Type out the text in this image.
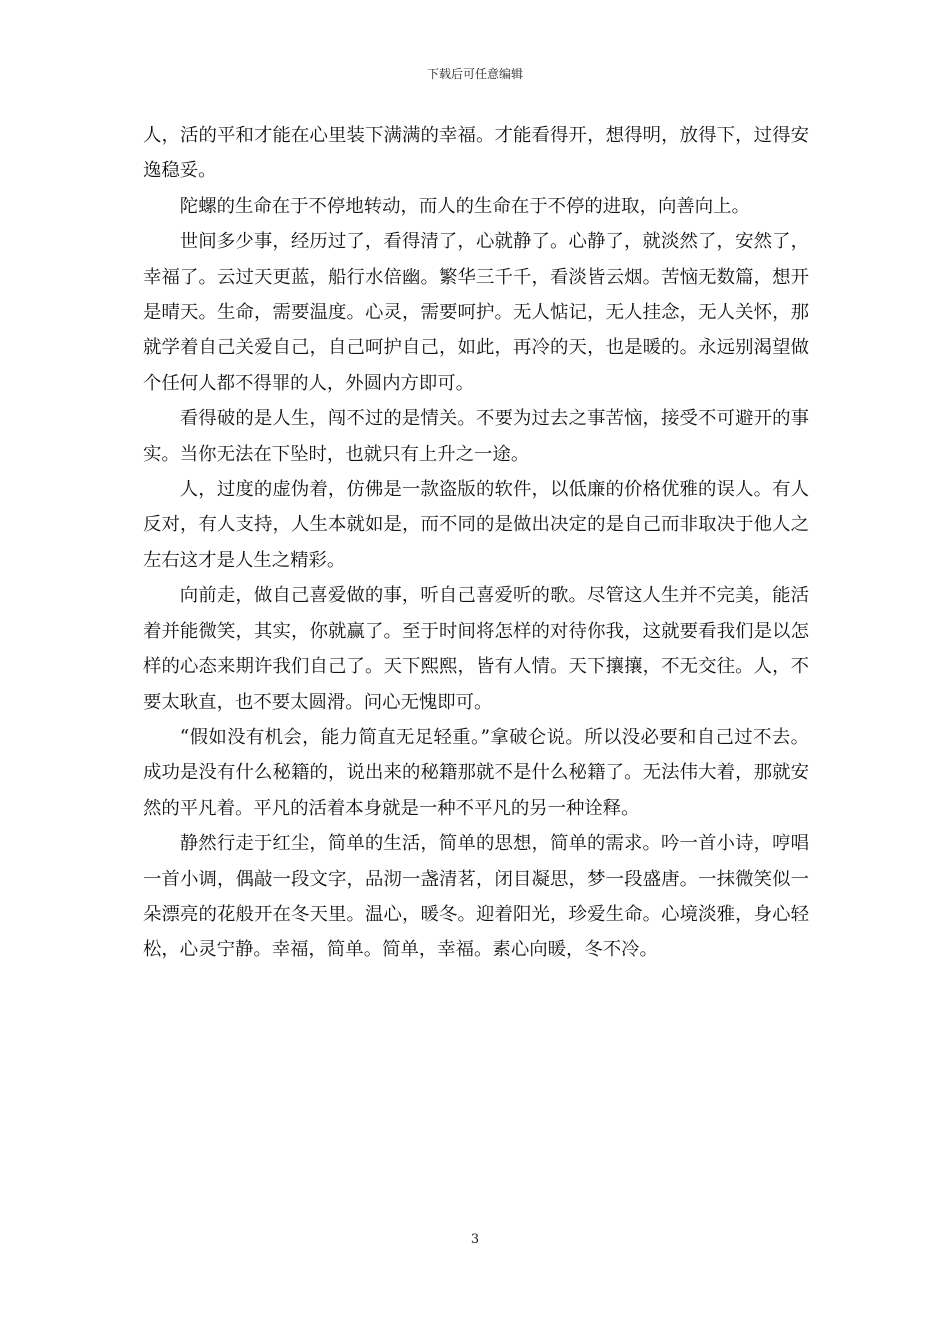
下载后可任意编辑

人，活的平和才能在心里装下满满的幸福。才能看得开，想得明，放得下，过得安逸稳妥。

陀螺的生命在于不停地转动，而人的生命在于不停的进取，向善向上。

世间多少事，经历过了，看得清了，心就静了。心静了，就淡然了，安然了，幸福了。云过天更蓝，船行水倍幽。繁华三千千，看淡皆云烟。苦恼无数篇，想开是晴天。生命，需要温度。心灵，需要呵护。无人惦记，无人挂念，无人关怀，那就学着自己关爱自己，自己呵护自己，如此，再冷的天，也是暖的。永远别渴望做个任何人都不得罪的人，外圆内方即可。

看得破的是人生，闯不过的是情关。不要为过去之事苦恼，接受不可避开的事实。当你无法在下坠时，也就只有上升之一途。

人，过度的虚伪着，仿佛是一款盗版的软件，以低廉的价格优雅的误人。有人反对，有人支持，人生本就如是，而不同的是做出决定的是自己而非取决于他人之左右这才是人生之精彩。

向前走，做自己喜爱做的事，听自己喜爱听的歌。尽管这人生并不完美，能活着并能微笑，其实，你就赢了。至于时间将怎样的对待你我，这就要看我们是以怎样的心态来期许我们自己了。天下熙熙，皆有人情。天下攘攘，不无交往。人，不要太耿直，也不要太圆滑。问心无愧即可。

“假如没有机会，能力简直无足轻重。”拿破仑说。所以没必要和自己过不去。成功是没有什么秘籍的，说出来的秘籍那就不是什么秘籍了。无法伟大着，那就安然的平凡着。平凡的活着本身就是一种不平凡的另一种诠释。

静然行走于红尘，简单的生活，简单的思想，简单的需求。吟一首小诗，哼唱一首小调，偶敲一段文字，品沏一盏清茗，闭目凝思，梦一段盛唐。一抹微笑似一朵漂亮的花般开在冬天里。温心，暖冬。迎着阳光，珍爱生命。心境淡雅，身心轻松，心灵宁静。幸福，简单。简单，幸福。素心向暖，冬不冷。

3
